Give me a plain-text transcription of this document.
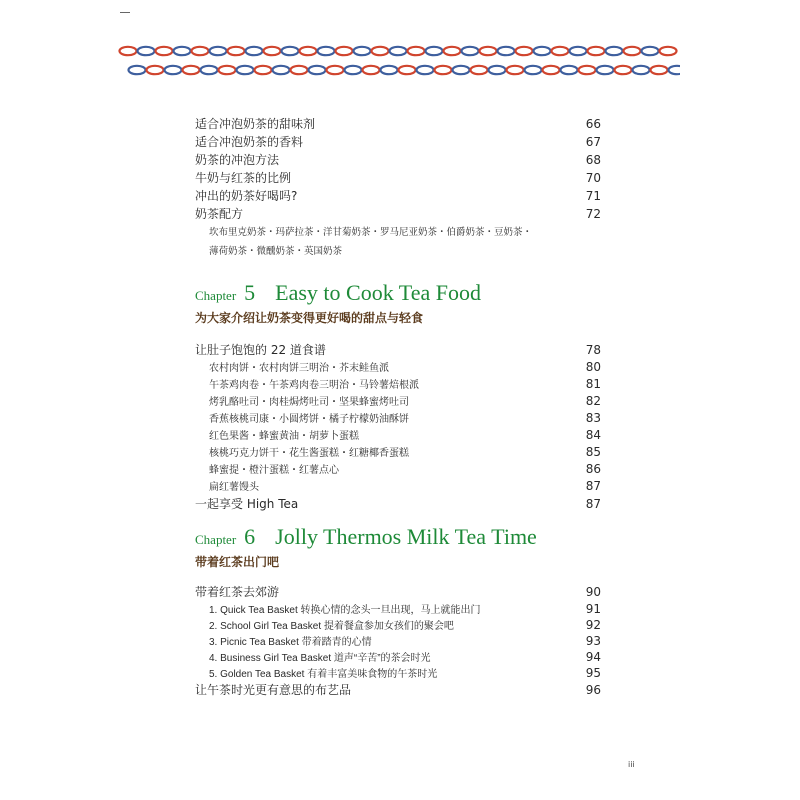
适合冲泡奶茶的甜味剂	66
适合冲泡奶茶的香料	67
奶茶的冲泡方法	68
牛奶与红茶的比例	70
冲出的奶茶好喝吗?	71
奶茶配方	72
坎布里克奶茶・玛萨拉茶・洋甘菊奶茶・罗马尼亚奶茶・伯爵奶茶・豆奶茶・薄荷奶茶・微醺奶茶・英国奶茶
Chapter 5 Easy to Cook Tea Food
为大家介绍让奶茶变得更好喝的甜点与轻食
让肚子饱饱的 22 道食谱	78
农村肉饼・农村肉饼三明治・芥末鲑鱼派	80
午茶鸡肉卷・午茶鸡肉卷三明治・马铃薯焙根派	81
烤乳酪吐司・肉桂焗烤吐司・坚果蜂蜜烤吐司	82
香蕉核桃司康・小圆烤饼・橘子柠檬奶油酥饼	83
红色果酱・蜂蜜黄油・胡萝卜蛋糕	84
核桃巧克力饼干・花生酱蛋糕・红糖椰香蛋糕	85
蜂蜜提・橙汁蛋糕・红薯点心	86
扁红薯馒头	87
一起享受 High Tea	87
Chapter 6 Jolly Thermos Milk Tea Time
带着红茶出门吧
带着红茶去郊游	90
1. Quick Tea Basket 转换心情的念头一旦出现，马上就能出门	91
2. School Girl Tea Basket 提着餐盒参加女孩们的聚会吧	92
3. Picnic Tea Basket 带着踏青的心情	93
4. Business Girl Tea Basket 道声“辛苦”的茶会时光	94
5. Golden Tea Basket 有着丰富美味食物的午茶时光	95
让午茶时光更有意思的布艺品	96
iii
